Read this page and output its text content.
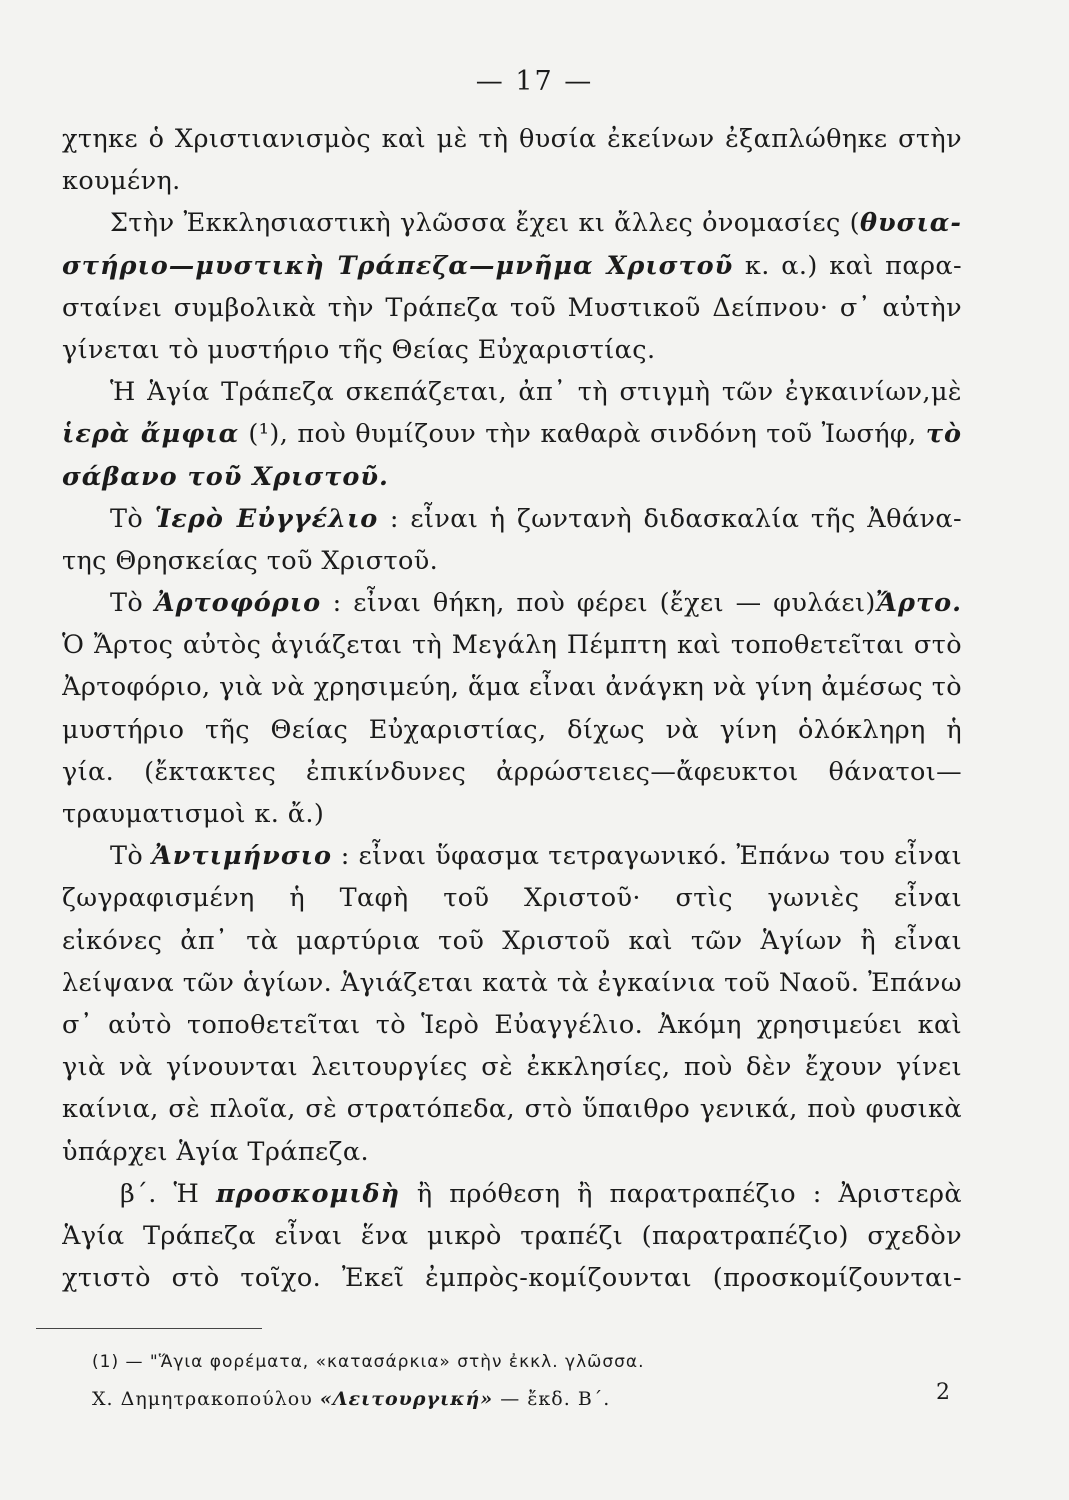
— 17 —
χτηκε ὁ Χριστιανισμὸς καὶ μὲ τὴ θυσία ἐκείνων ἐξαπλώθηκε στὴν
κουμένη.
Στὴν Ἐκκλησιαστικὴ γλῶσσα ἔχει κι ἄλλες ὀνομασίες (θυσια-
στήριο—μυστικὴ Τράπεζα—μνῆμα Χριστοῦ κ. α.) καὶ παρα-
σταίνει συμβολικὰ τὴν Τράπεζα τοῦ Μυστικοῦ Δείπνου· σ᾽ αὐτὴν
γίνεται τὸ μυστήριο τῆς Θείας Εὐχαριστίας.
Ἡ Ἁγία Τράπεζα σκεπάζεται, ἀπ᾽ τὴ στιγμὴ τῶν ἐγκαινίων,μὲ
ἱερὰ ἄμφια (¹), ποὺ θυμίζουν τὴν καθαρὰ σινδόνη τοῦ Ἰωσήφ, τὸ
σάβανο τοῦ Χριστοῦ.
Τὸ Ἱερὸ Εὐγγέλιο : εἶναι ἡ ζωντανὴ διδασκαλία τῆς Ἀθάνα-
της Θρησκείας τοῦ Χριστοῦ.
Τὸ Ἀρτοφόριο : εἶναι θήκη, ποὺ φέρει (ἔχει — φυλάει)Ἄρτο.
Ὁ Ἄρτος αὐτὸς ἁγιάζεται τὴ Μεγάλη Πέμπτη καὶ τοποθετεῖται στὸ
Ἀρτοφόριο, γιὰ νὰ χρησιμεύη, ἅμα εἶναι ἀνάγκη νὰ γίνη ἀμέσως τὸ
μυστήριο τῆς Θείας Εὐχαριστίας, δίχως νὰ γίνη ὁλόκληρη ἡ
γία. (ἔκτακτες ἐπικίνδυνες ἀρρώστειες—ἄφευκτοι θάνατοι—
τραυματισμοὶ κ. ἄ.)
Τὸ Ἀντιμήνσιο : εἶναι ὕφασμα τετραγωνικό. Ἐπάνω του εἶναι
ζωγραφισμένη ἡ Ταφὴ τοῦ Χριστοῦ· στὶς γωνιὲς εἶναι
εἰκόνες ἀπ᾽ τὰ μαρτύρια τοῦ Χριστοῦ καὶ τῶν Ἁγίων ἢ εἶναι
λείψανα τῶν ἁγίων. Ἁγιάζεται κατὰ τὰ ἐγκαίνια τοῦ Ναοῦ. Ἐπάνω
σ᾽ αὐτὸ τοποθετεῖται τὸ Ἱερὸ Εὐαγγέλιο. Ἀκόμη χρησιμεύει καὶ
γιὰ νὰ γίνουνται λειτουργίες σὲ ἐκκλησίες, ποὺ δὲν ἔχουν γίνει
καίνια, σὲ πλοῖα, σὲ στρατόπεδα, στὸ ὕπαιθρο γενικά, ποὺ φυσικὰ
ὑπάρχει Ἁγία Τράπεζα.
β΄. Ἡ προσκομιδὴ ἢ πρόθεση ἢ παρατραπέζιο : Ἀριστερὰ
Ἁγία Τράπεζα εἶναι ἕνα μικρὸ τραπέζι (παρατραπέζιο) σχεδὸν
χτιστὸ στὸ τοῖχο. Ἐκεῖ ἐμπρὸς-κομίζουνται (προσκομίζουνται-
(1) — "Ἅγια φορέματα, «κατασάρκια» στὴν ἐκκλ. γλῶσσα.
Χ. Δημητρακοπούλου «Λειτουργική» — ἔκδ. Β΄.	2
